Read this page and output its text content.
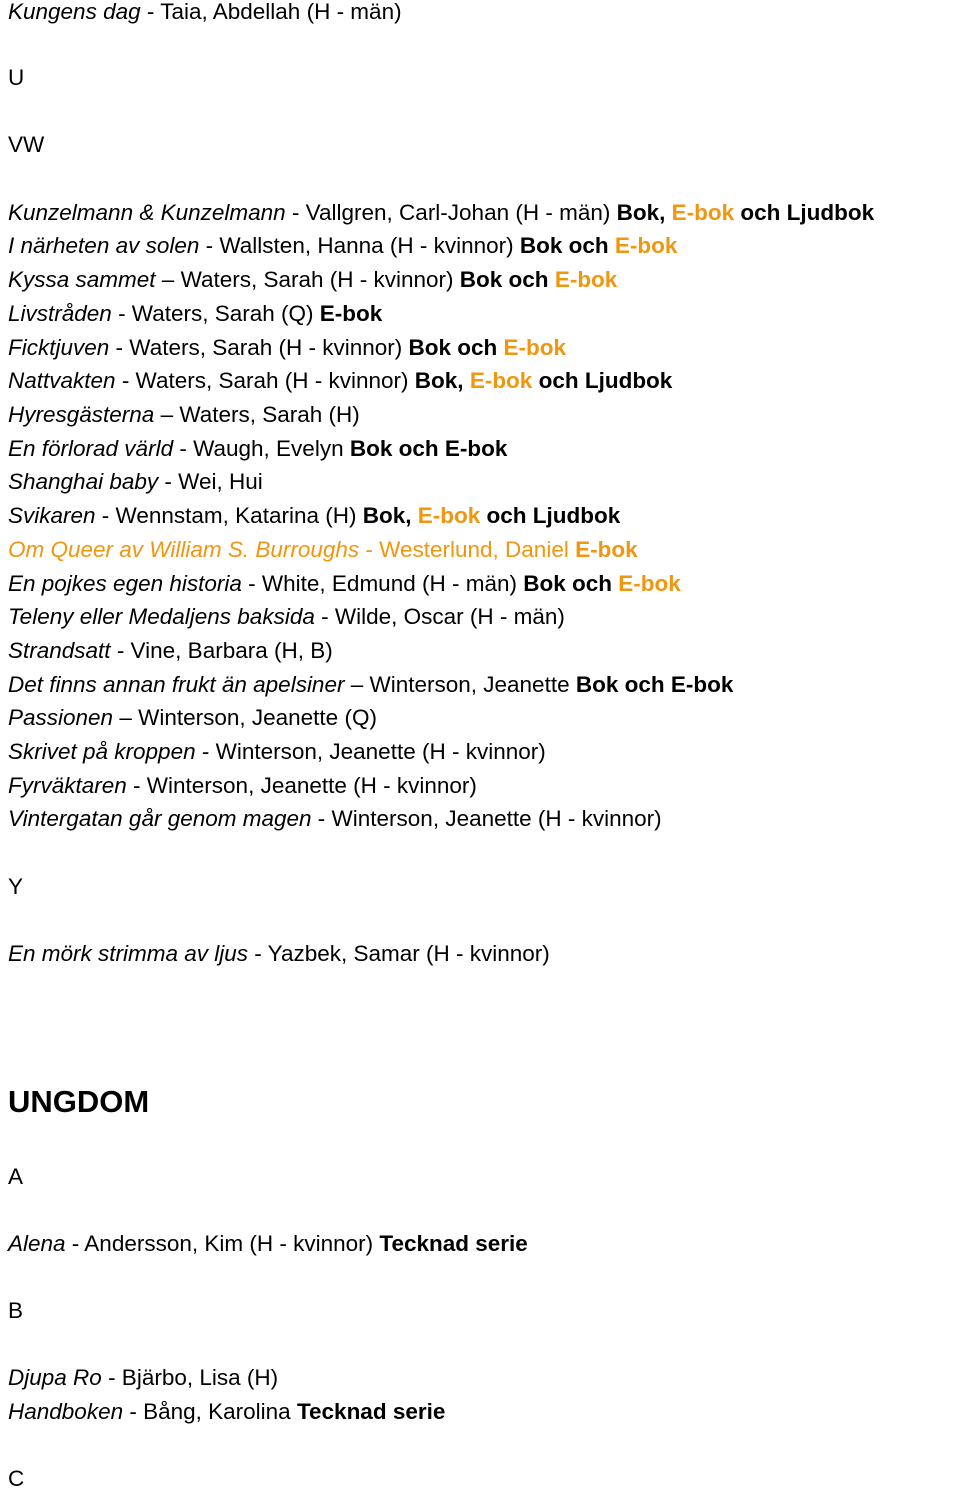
Kungens dag - Taia, Abdellah (H - män)
U
VW
Kunzelmann & Kunzelmann - Vallgren, Carl-Johan (H - män) Bok, E-bok och Ljudbok
I närheten av solen - Wallsten, Hanna (H - kvinnor) Bok och E-bok
Kyssa sammet – Waters, Sarah (H - kvinnor) Bok och E-bok
Livstråden - Waters, Sarah (Q) E-bok
Ficktjuven - Waters, Sarah (H - kvinnor) Bok och E-bok
Nattvakten - Waters, Sarah (H - kvinnor) Bok, E-bok och Ljudbok
Hyresgästerna – Waters, Sarah (H)
En förlorad värld - Waugh, Evelyn Bok och E-bok
Shanghai baby - Wei, Hui
Svikaren - Wennstam, Katarina (H) Bok, E-bok och Ljudbok
Om Queer av William S. Burroughs - Westerlund, Daniel E-bok
En pojkes egen historia - White, Edmund (H - män) Bok och E-bok
Teleny eller Medaljens baksida - Wilde, Oscar (H - män)
Strandsatt - Vine, Barbara (H, B)
Det finns annan frukt än apelsiner – Winterson, Jeanette Bok och E-bok
Passionen – Winterson, Jeanette (Q)
Skrivet på kroppen - Winterson, Jeanette (H - kvinnor)
Fyrväktaren - Winterson, Jeanette (H - kvinnor)
Vintergatan går genom magen - Winterson, Jeanette (H - kvinnor)
Y
En mörk strimma av ljus - Yazbek, Samar (H - kvinnor)
UNGDOM
A
Alena - Andersson, Kim (H - kvinnor) Tecknad serie
B
Djupa Ro - Bjärbo, Lisa (H)
Handboken - Bång, Karolina Tecknad serie
C
